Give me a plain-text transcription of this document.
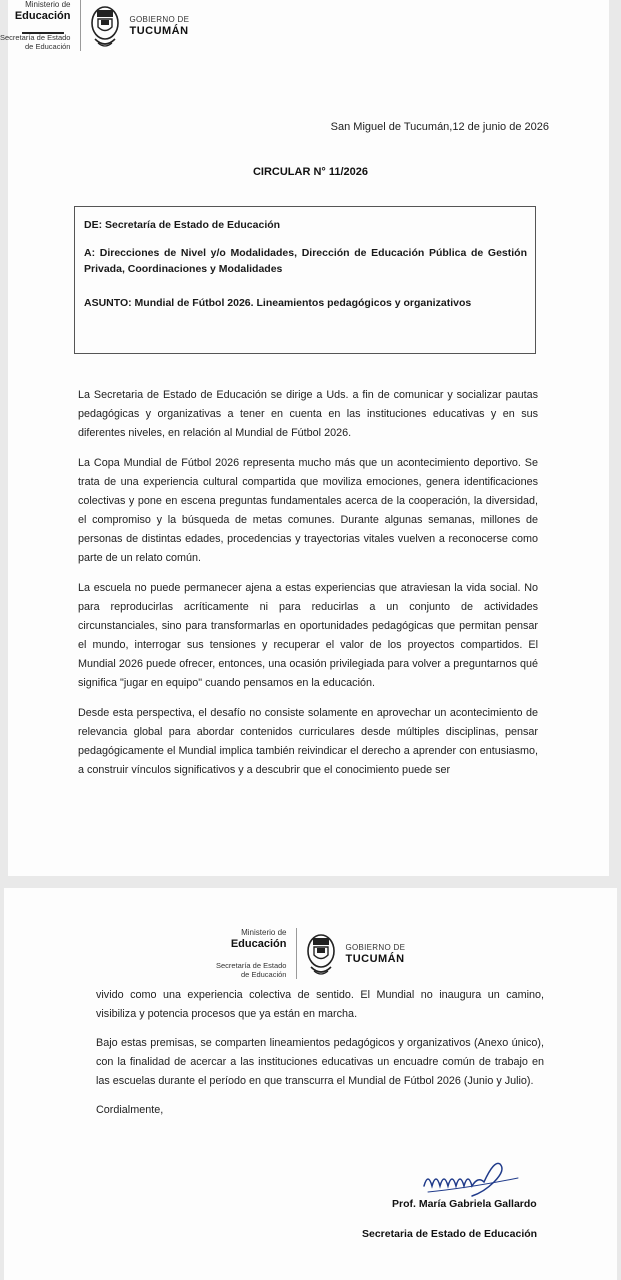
Ministerio de
Educación
Secretaría de Estado
de Educación
GOBIERNO DE
TUCUMÁN
San Miguel de Tucumán,12 de junio de 2026
CIRCULAR N° 11/2026

DE: Secretaría de Estado de Educación

A: Direcciones de Nivel y/o Modalidades, Dirección de Educación Pública de Gestión Privada, Coordinaciones y Modalidades

ASUNTO: Mundial de Fútbol 2026. Lineamientos pedagógicos y organizativos

La Secretaria de Estado de Educación se dirige a Uds. a fin de comunicar y socializar pautas pedagógicas y organizativas a tener en cuenta en las instituciones educativas y en sus diferentes niveles, en relación al Mundial de Fútbol 2026.

La Copa Mundial de Fútbol 2026 representa mucho más que un acontecimiento deportivo. Se trata de una experiencia cultural compartida que moviliza emociones, genera identificaciones colectivas y pone en escena preguntas fundamentales acerca de la cooperación, la diversidad, el compromiso y la búsqueda de metas comunes. Durante algunas semanas, millones de personas de distintas edades, procedencias y trayectorias vitales vuelven a reconocerse como parte de un relato común.

La escuela no puede permanecer ajena a estas experiencias que atraviesan la vida social. No para reproducirlas acríticamente ni para reducirlas a un conjunto de actividades circunstanciales, sino para transformarlas en oportunidades pedagógicas que permitan pensar el mundo, interrogar sus tensiones y recuperar el valor de los proyectos compartidos. El Mundial 2026 puede ofrecer, entonces, una ocasión privilegiada para volver a preguntarnos qué significa "jugar en equipo" cuando pensamos en la educación.

Desde esta perspectiva, el desafío no consiste solamente en aprovechar un acontecimiento de relevancia global para abordar contenidos curriculares desde múltiples disciplinas, pensar pedagógicamente el Mundial implica también reivindicar el derecho a aprender con entusiasmo, a construir vínculos significativos y a descubrir que el conocimiento puede ser

Ministerio de
Educación
Secretaría de Estado
de Educación
GOBIERNO DE
TUCUMÁN

vivido como una experiencia colectiva de sentido. El Mundial no inaugura un camino, visibiliza y potencia procesos que ya están en marcha.

Bajo estas premisas, se comparten lineamientos pedagógicos y organizativos (Anexo único), con la finalidad de acercar a las instituciones educativas un encuadre común de trabajo en las escuelas durante el período en que transcurra el Mundial de Fútbol 2026 (Junio y Julio).

Cordialmente,

Prof. María Gabriela Gallardo
Secretaria de Estado de Educación
